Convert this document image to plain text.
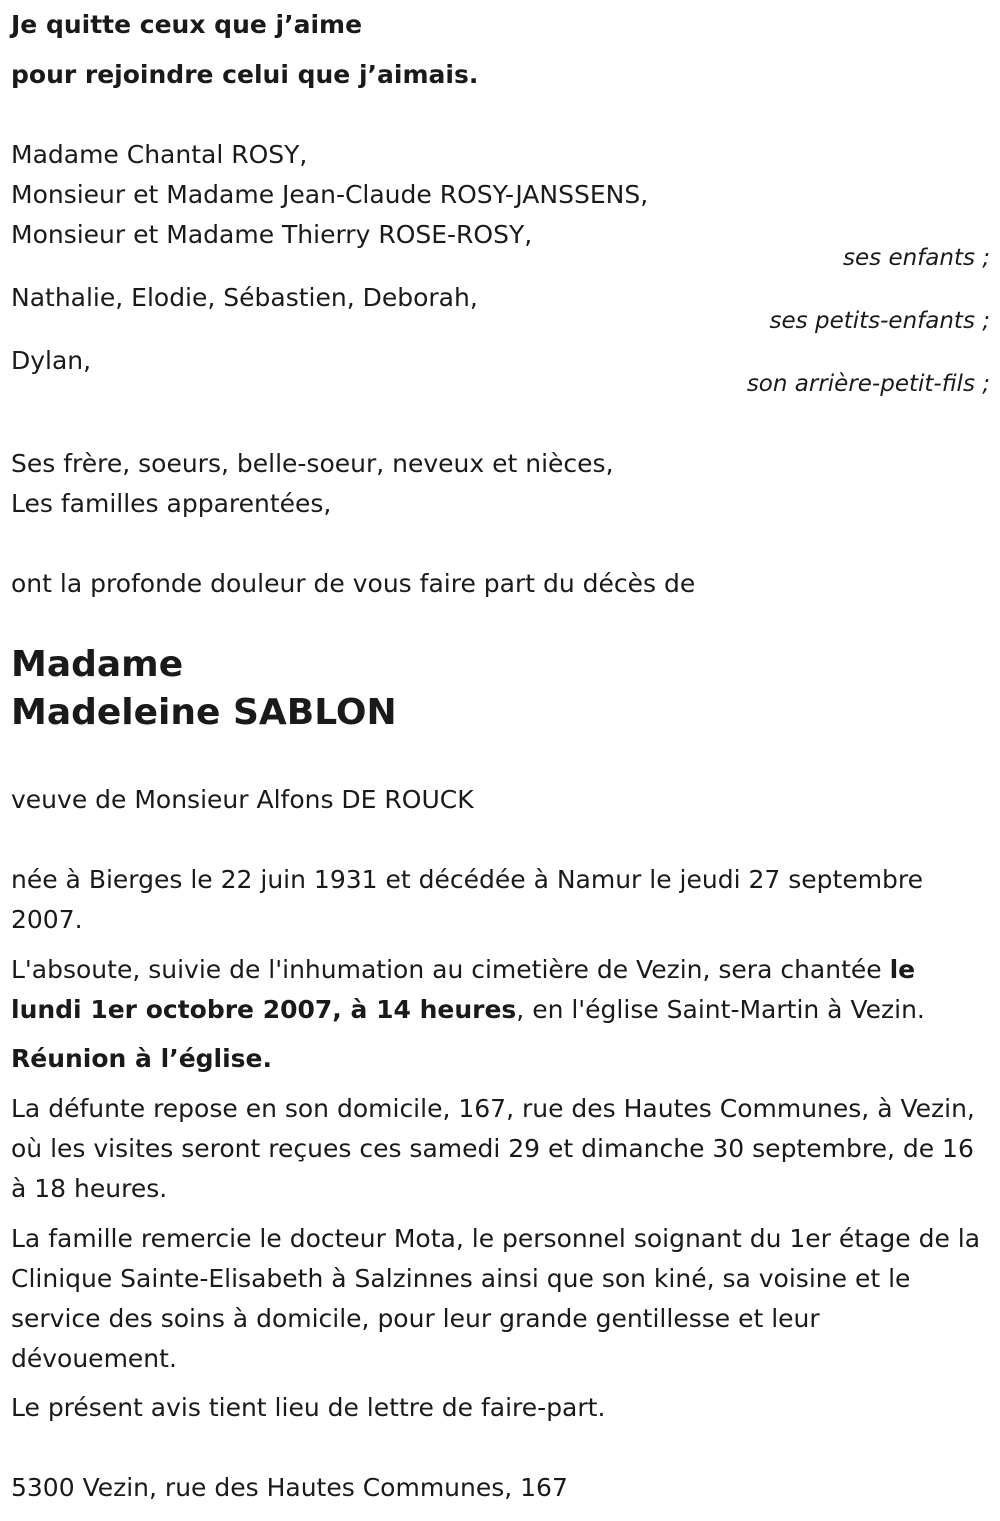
Je quitte ceux que j’aime
pour rejoindre celui que j’aimais.
Madame Chantal ROSY,
Monsieur et Madame Jean-Claude ROSY-JANSSENS,
Monsieur et Madame Thierry ROSE-ROSY,
ses enfants ;
Nathalie, Elodie, Sébastien, Deborah,
ses petits-enfants ;
Dylan,
son arrière-petit-fils ;
Ses frère, soeurs, belle-soeur, neveux et nièces,
Les familles apparentées,
ont la profonde douleur de vous faire part du décès de
Madame
Madeleine SABLON
veuve de Monsieur Alfons DE ROUCK
née à Bierges le 22 juin 1931 et décédée à Namur le jeudi 27 septembre 2007.
L'absoute, suivie de l'inhumation au cimetière de Vezin, sera chantée le lundi 1er octobre 2007, à 14 heures, en l'église Saint-Martin à Vezin.
Réunion à l’église.
La défunte repose en son domicile, 167, rue des Hautes Communes, à Vezin, où les visites seront reçues ces samedi 29 et dimanche 30 septembre, de 16 à 18 heures.
La famille remercie le docteur Mota, le personnel soignant du 1er étage de la Clinique Sainte-Elisabeth à Salzinnes ainsi que son kiné, sa voisine et le service des soins à domicile, pour leur grande gentillesse et leur dévouement.
Le présent avis tient lieu de lettre de faire-part.
5300 Vezin, rue des Hautes Communes, 167
